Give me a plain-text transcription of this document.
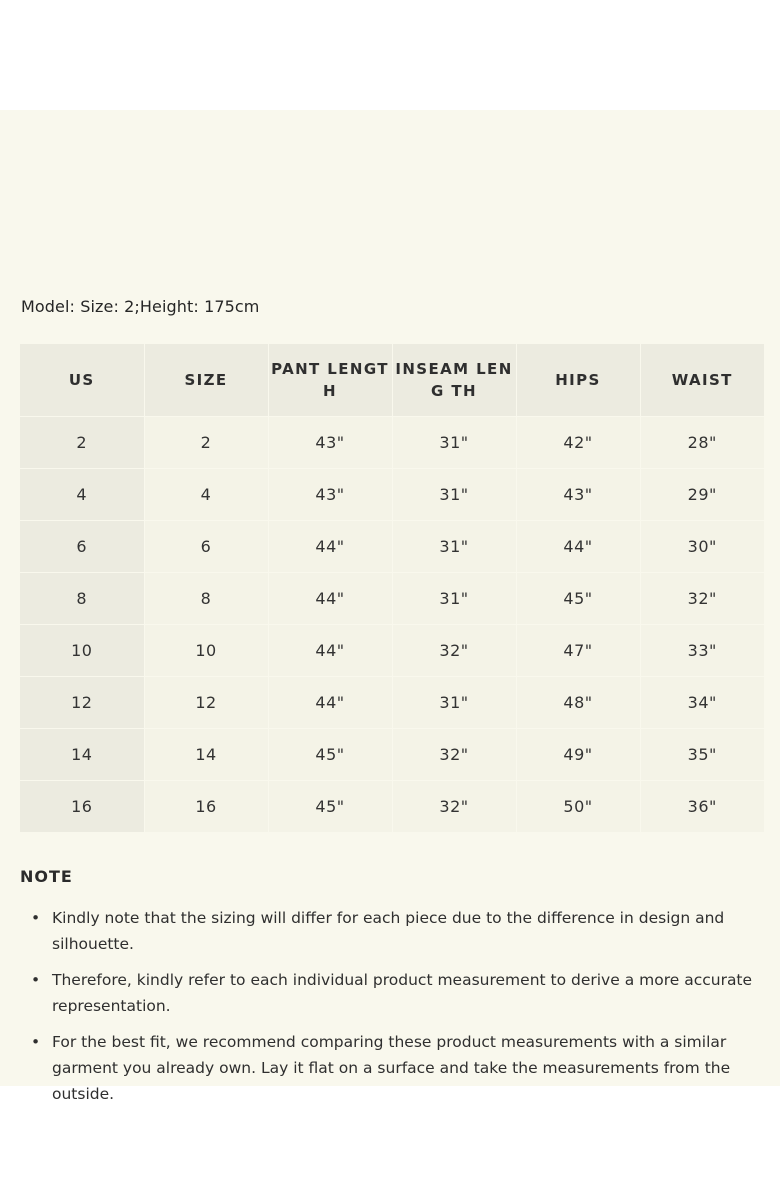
Model: Size: 2;Height: 175cm
US	SIZE	PANT LENGTH	INSEAM LENG TH	HIPS	WAIST
2	2	43"	31"	42"	28"
4	4	43"	31"	43"	29"
6	6	44"	31"	44"	30"
8	8	44"	31"	45"	32"
10	10	44"	32"	47"	33"
12	12	44"	31"	48"	34"
14	14	45"	32"	49"	35"
16	16	45"	32"	50"	36"
NOTE
• Kindly note that the sizing will differ for each piece due to the difference in design and silhouette.
• Therefore, kindly refer to each individual product measurement to derive a more accurate representation.
• For the best fit, we recommend comparing these product measurements with a similar garment you already own. Lay it flat on a surface and take the measurements from the outside.
